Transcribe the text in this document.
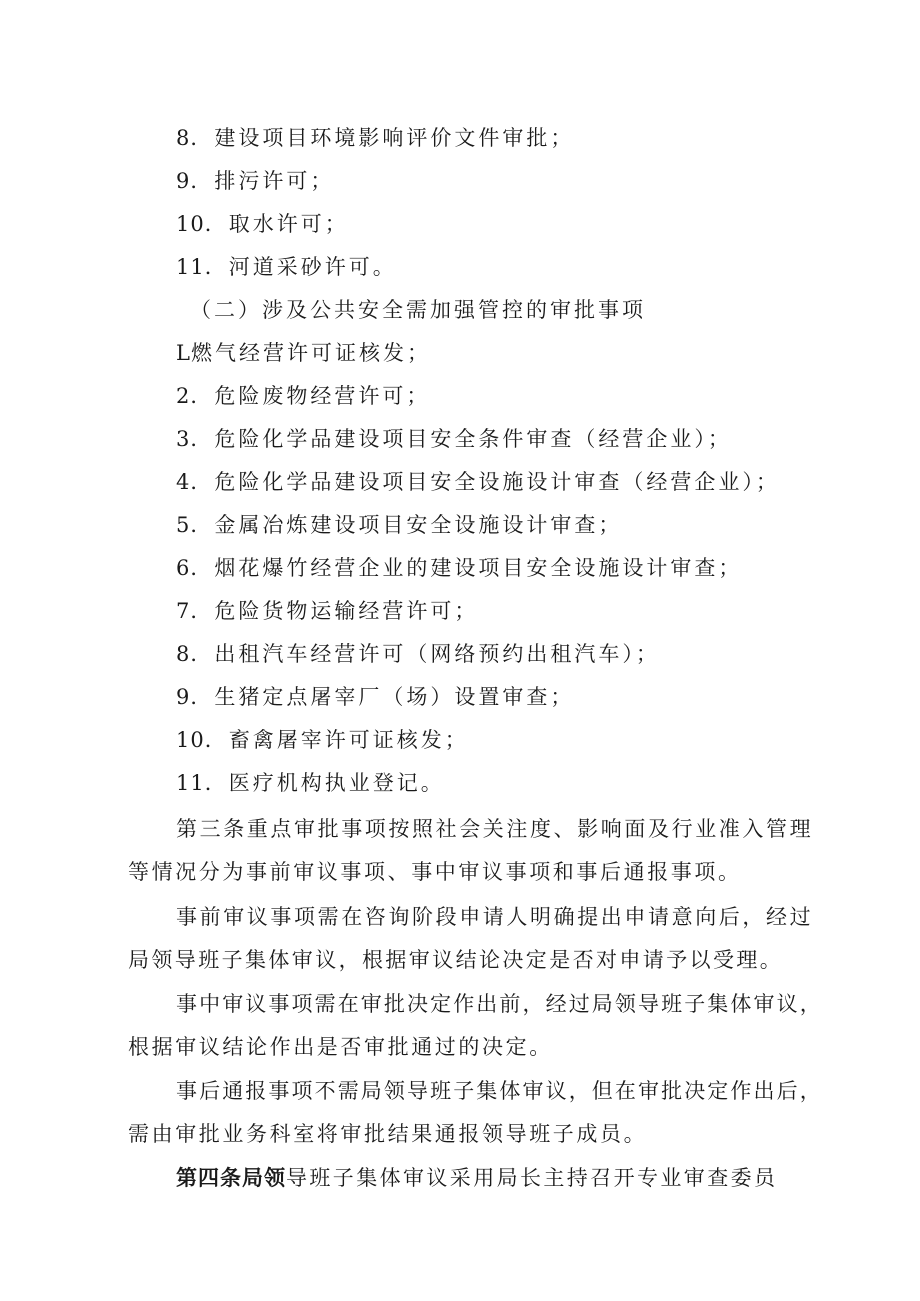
8．建设项目环境影响评价文件审批；
9．排污许可；
10．取水许可；
11．河道采砂许可。
（二）涉及公共安全需加强管控的审批事项
L燃气经营许可证核发；
2．危险废物经营许可；
3．危险化学品建设项目安全条件审查（经营企业）；
4．危险化学品建设项目安全设施设计审查（经营企业）；
5．金属冶炼建设项目安全设施设计审查；
6．烟花爆竹经营企业的建设项目安全设施设计审查；
7．危险货物运输经营许可；
8．出租汽车经营许可（网络预约出租汽车）；
9．生猪定点屠宰厂（场）设置审查；
10．畜禽屠宰许可证核发；
11．医疗机构执业登记。
第三条重点审批事项按照社会关注度、影响面及行业准入管理
等情况分为事前审议事项、事中审议事项和事后通报事项。
事前审议事项需在咨询阶段申请人明确提出申请意向后，经过
局领导班子集体审议，根据审议结论决定是否对申请予以受理。
事中审议事项需在审批决定作出前，经过局领导班子集体审议，
根据审议结论作出是否审批通过的决定。
事后通报事项不需局领导班子集体审议，但在审批决定作出后，
需由审批业务科室将审批结果通报领导班子成员。
第四条局领导班子集体审议采用局长主持召开专业审查委员
